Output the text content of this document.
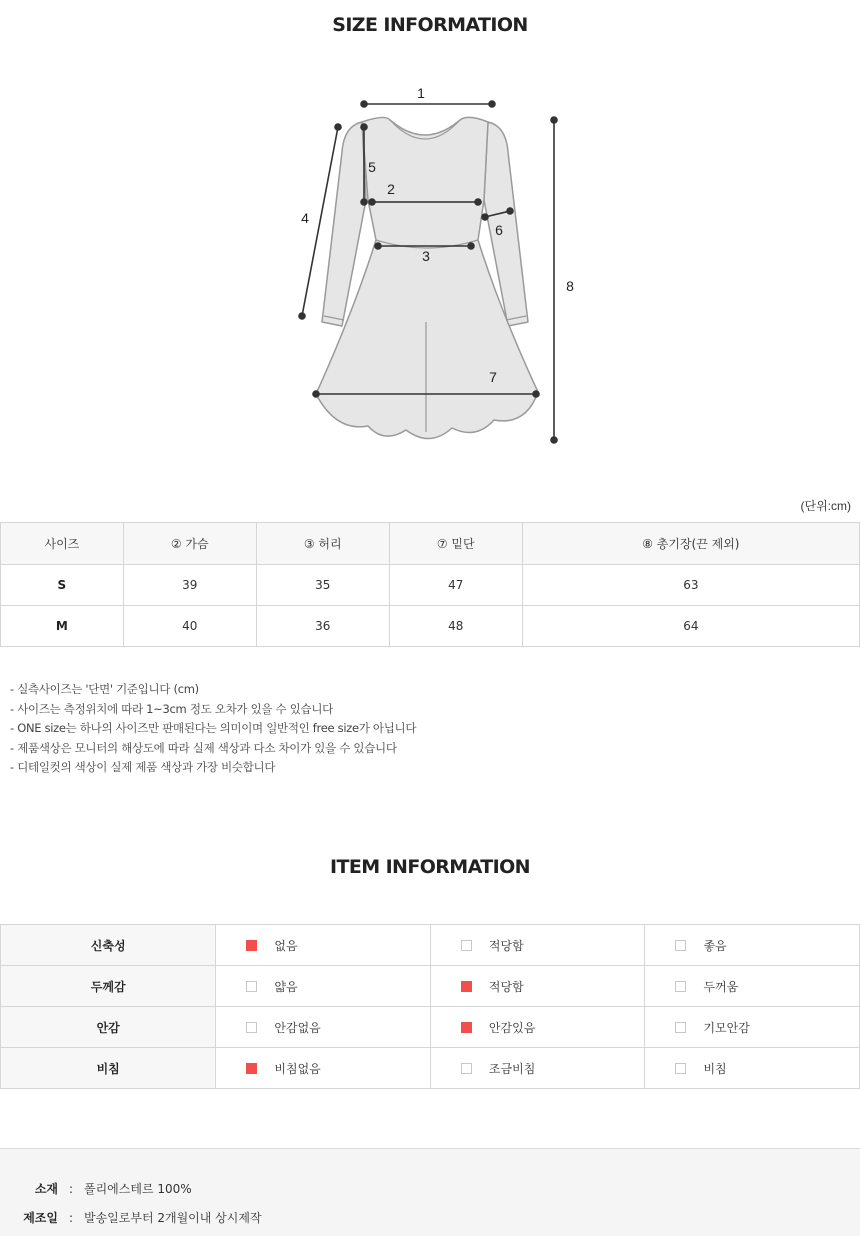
SIZE INFORMATION
1
2
3
4
5
6
7
8
(단위:cm)
사이즈	② 가슴	③ 허리	⑦ 밑단	⑧ 총기장(끈 제외)
S	39	35	47	63
M	40	36	48	64
- 실측사이즈는 '단면' 기준입니다 (cm)
- 사이즈는 측정위치에 따라 1~3cm 정도 오차가 있을 수 있습니다
- ONE size는 하나의 사이즈만 판매된다는 의미이며 일반적인 free size가 아닙니다
- 제품색상은 모니터의 해상도에 따라 실제 색상과 다소 차이가 있을 수 있습니다
- 디테일컷의 색상이 실제 제품 색상과 가장 비슷합니다
ITEM INFORMATION
신축성	없음	적당함	좋음
두께감	얇음	적당함	두꺼움
안감	안감없음	안감있음	기모안감
비침	비침없음	조금비침	비침
소재 : 폴리에스테르 100%
제조일 : 발송일로부터 2개월이내 상시제작
